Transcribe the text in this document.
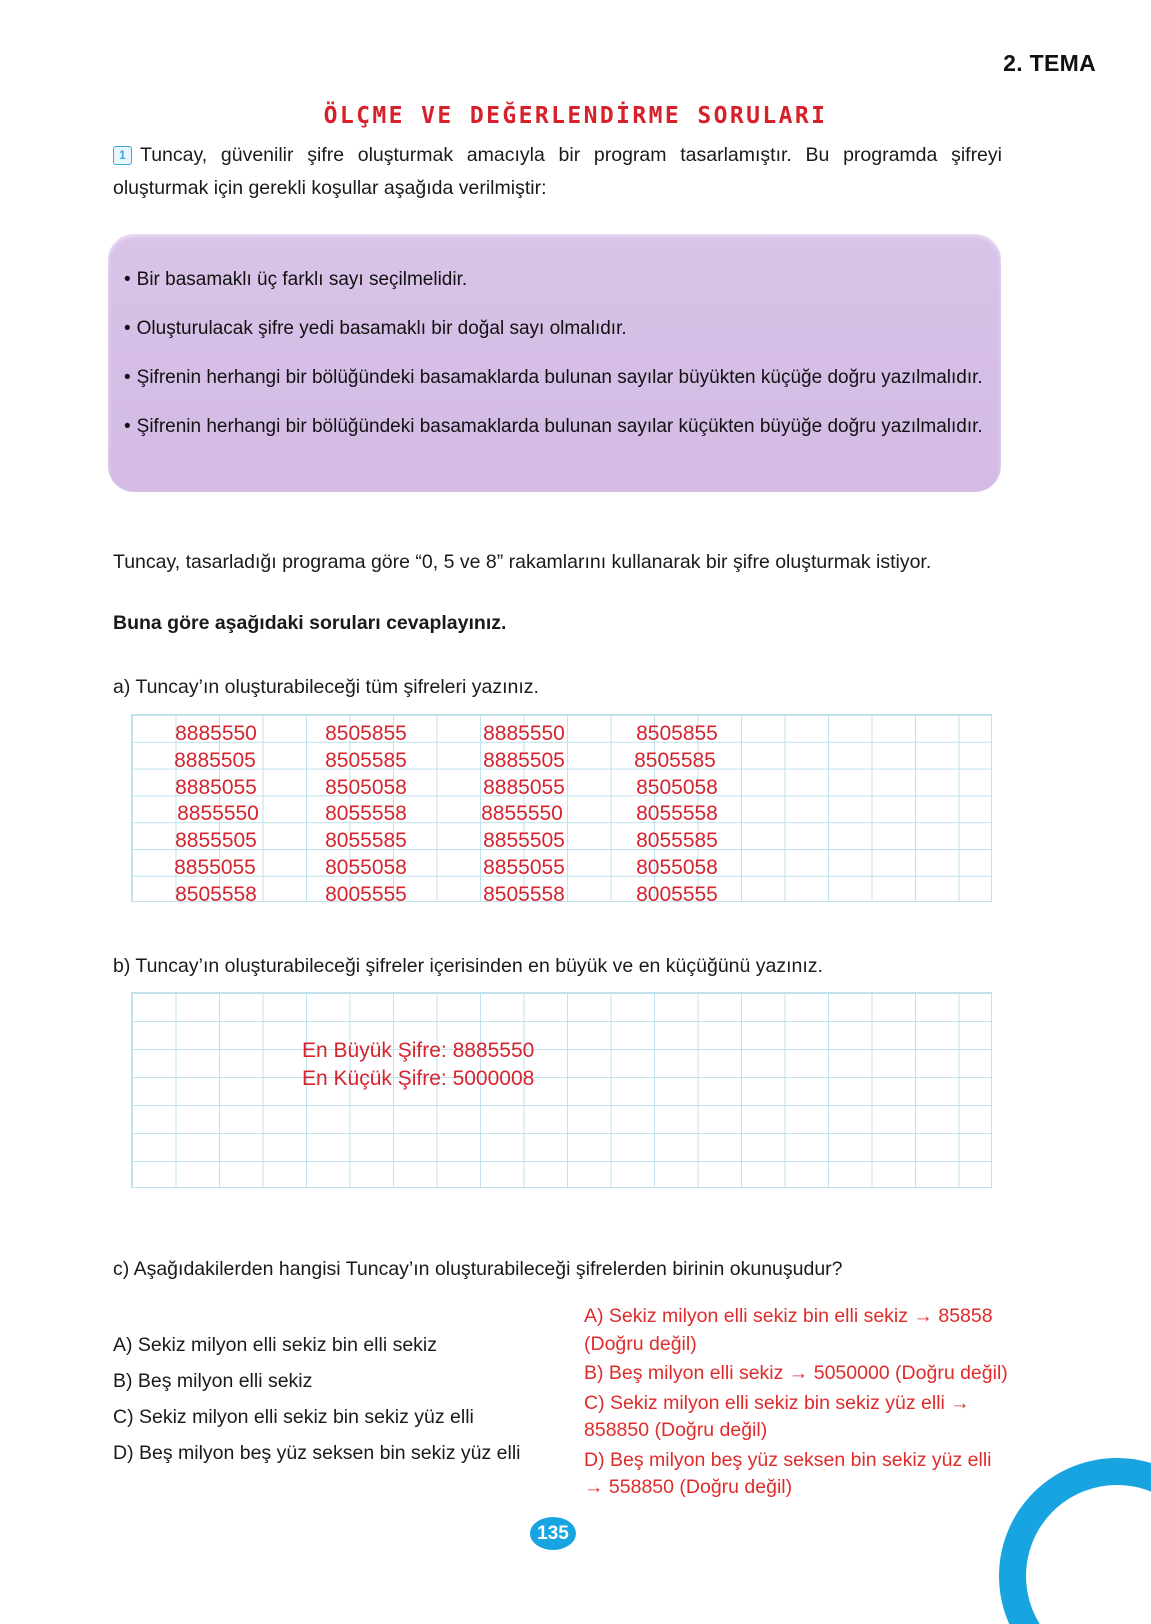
2. TEMA
ÖLÇME VE DEĞERLENDİRME SORULARI
1 Tuncay, güvenilir şifre oluşturmak amacıyla bir program tasarlamıştır. Bu programda şifreyi oluşturmak için gerekli koşullar aşağıda verilmiştir:

• Bir basamaklı üç farklı sayı seçilmelidir.

• Oluşturulacak şifre yedi basamaklı bir doğal sayı olmalıdır.

• Şifrenin herhangi bir bölüğündeki basamaklarda bulunan sayılar büyükten küçüğe doğru yazılmalıdır.

• Şifrenin herhangi bir bölüğündeki basamaklarda bulunan sayılar küçükten büyüğe doğru yazılmalıdır.

Tuncay, tasarladığı programa göre “0, 5 ve 8” rakamlarını kullanarak bir şifre oluşturmak istiyor.
Buna göre aşağıdaki soruları cevaplayınız.
a) Tuncay’ın oluşturabileceği tüm şifreleri yazınız.
8885550
8885505
8885055
8855550
8855505
8855055
8505558
8505855
8505585
8505058
8055558
8055585
8055058
8005555
8885550
8885505
8885055
8855550
8855505
8855055
8505558
8505855
8505585
8505058
8055558
8055585
8055058
8005555
b) Tuncay’ın oluşturabileceği şifreler içerisinden en büyük ve en küçüğünü yazınız.
En Büyük Şifre: 8885550
En Küçük Şifre: 5000008
c) Aşağıdakilerden hangisi Tuncay’ın oluşturabileceği şifrelerden birinin okunuşudur?
A) Sekiz milyon elli sekiz bin elli sekiz
B) Beş milyon elli sekiz
C) Sekiz milyon elli sekiz bin sekiz yüz elli
D) Beş milyon beş yüz seksen bin sekiz yüz elli

A) Sekiz milyon elli sekiz bin elli sekiz → 85858 (Doğru değil)

B) Beş milyon elli sekiz → 5050000 (Doğru değil)

C) Sekiz milyon elli sekiz bin sekiz yüz elli → 858850 (Doğru değil)

D) Beş milyon beş yüz seksen bin sekiz yüz elli → 558850 (Doğru değil)

135
